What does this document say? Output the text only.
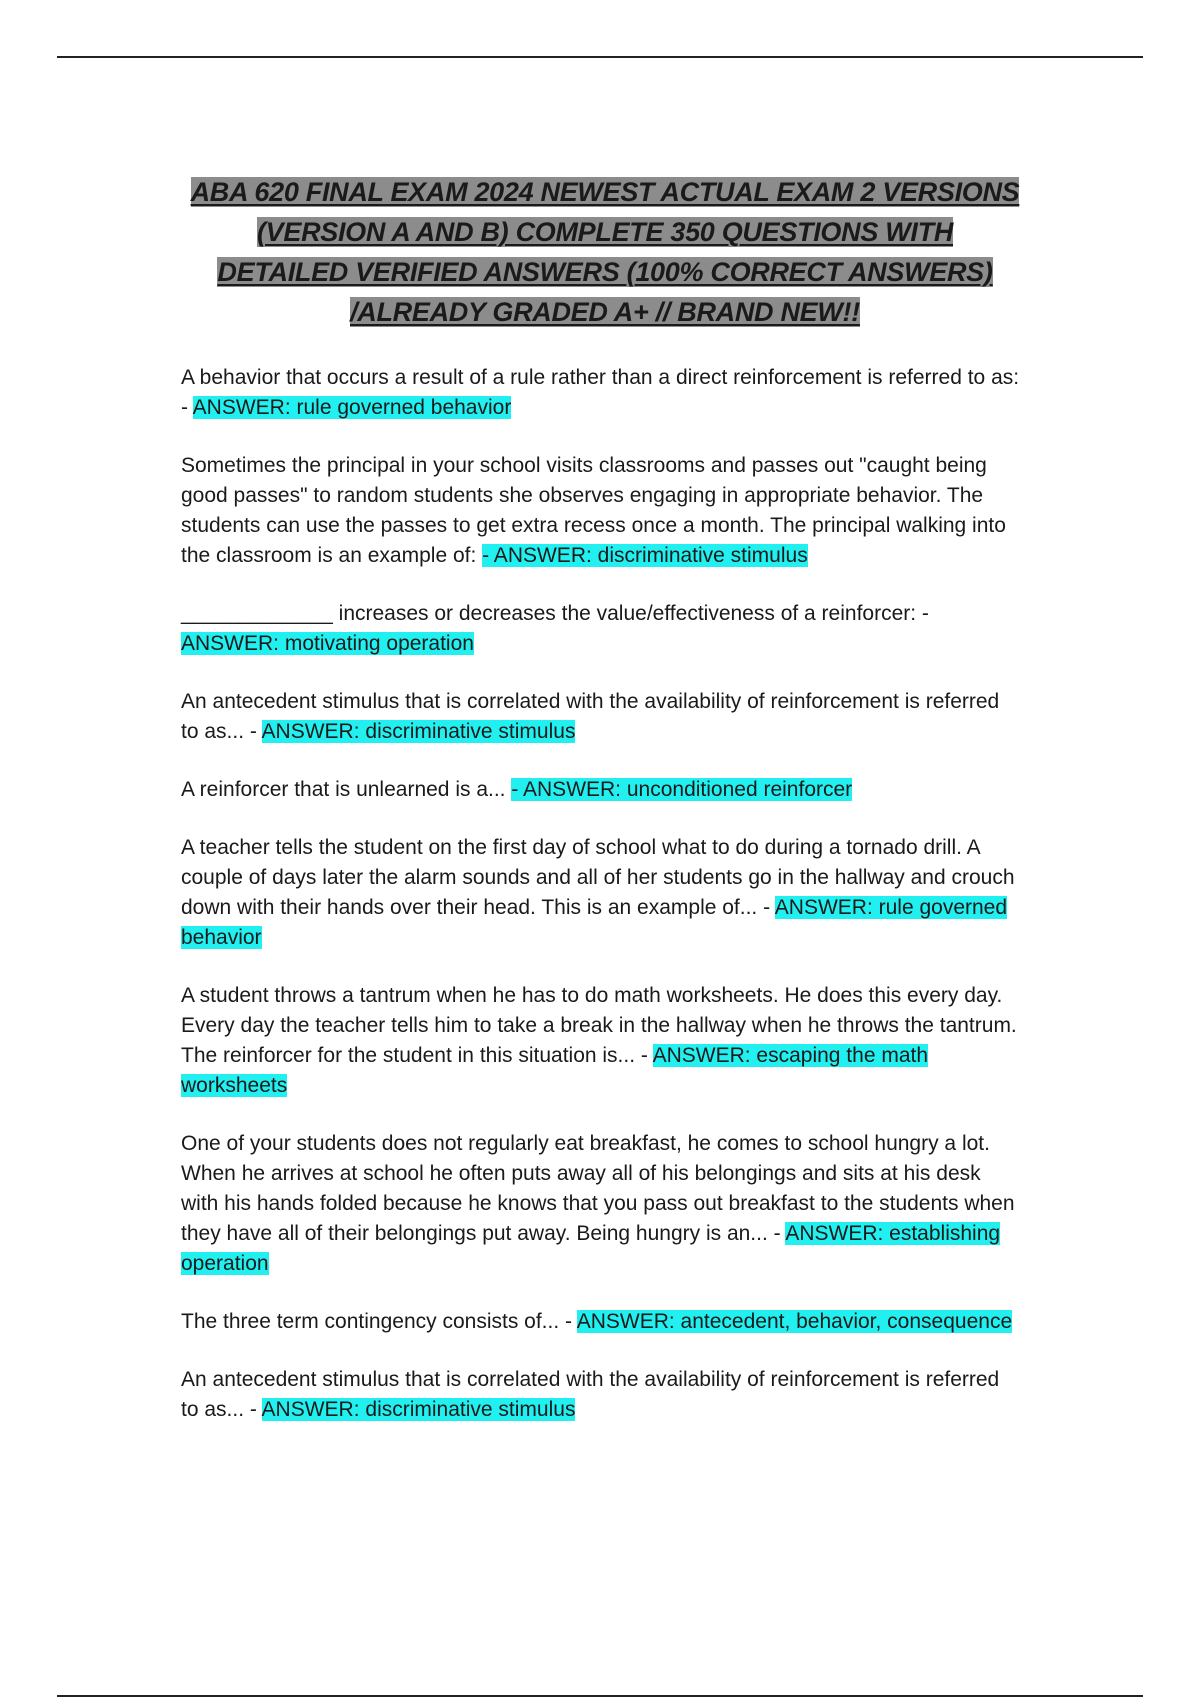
ABA 620 FINAL EXAM 2024 NEWEST ACTUAL EXAM 2 VERSIONS (VERSION A AND B) COMPLETE 350 QUESTIONS WITH DETAILED VERIFIED ANSWERS (100% CORRECT ANSWERS) /ALREADY GRADED A+ // BRAND NEW!!

A behavior that occurs a result of a rule rather than a direct reinforcement is referred to as: - ANSWER: rule governed behavior

Sometimes the principal in your school visits classrooms and passes out "caught being good passes" to random students she observes engaging in appropriate behavior. The students can use the passes to get extra recess once a month. The principal walking into the classroom is an example of: - ANSWER: discriminative stimulus

_____________ increases or decreases the value/effectiveness of a reinforcer: - ANSWER: motivating operation

An antecedent stimulus that is correlated with the availability of reinforcement is referred to as... - ANSWER: discriminative stimulus

A reinforcer that is unlearned is a... - ANSWER: unconditioned reinforcer

A teacher tells the student on the first day of school what to do during a tornado drill. A couple of days later the alarm sounds and all of her students go in the hallway and crouch down with their hands over their head. This is an example of... - ANSWER: rule governed behavior

A student throws a tantrum when he has to do math worksheets. He does this every day. Every day the teacher tells him to take a break in the hallway when he throws the tantrum. The reinforcer for the student in this situation is... - ANSWER: escaping the math worksheets

One of your students does not regularly eat breakfast, he comes to school hungry a lot. When he arrives at school he often puts away all of his belongings and sits at his desk with his hands folded because he knows that you pass out breakfast to the students when they have all of their belongings put away. Being hungry is an... - ANSWER: establishing operation

The three term contingency consists of... - ANSWER: antecedent, behavior, consequence

An antecedent stimulus that is correlated with the availability of reinforcement is referred to as... - ANSWER: discriminative stimulus
